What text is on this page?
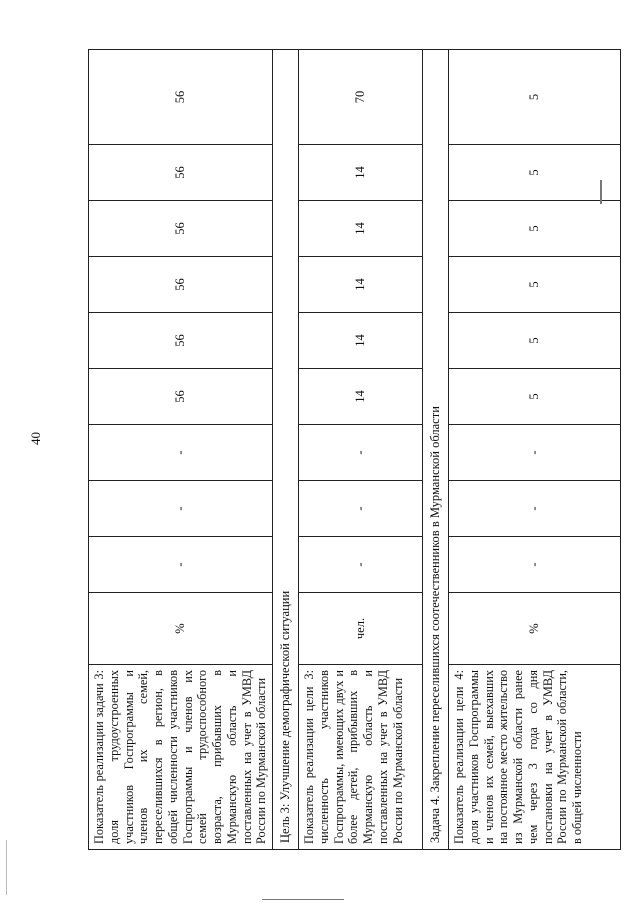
40
Показатель реализации задачи 3: доля трудоустроенных участников Госпрограммы и членов их семей, переселившихся в регион, в общей численности участников Госпрограммы и членов их семей трудоспособного возраста, прибывших в Мурманскую область и поставленных на учет в УМВД России по Мурманской области	%	-	-	-	56	56	56	56	56	56
Цель 3: Улучшение демографической ситуации										
Показатель реализации цели 3: численность участников Госпрограммы, имеющих двух и более детей, прибывших в Мурманскую область и поставленных на учет в УМВД России по Мурманской области	чел.	-	-	-	14	14	14	14	14	70
Задача 4. Закрепление переселившихся соотечественников в Мурманской области										
Показатель реализации цели 4: доля участников Госпрограммы и членов их семей, выехавших на постоянное место жительство из Мурманской области ранее чем через 3 года со дня постановки на учет в УМВД России по Мурманской области, в общей численности	%	-	-	-	5	5	5	5	5	5
